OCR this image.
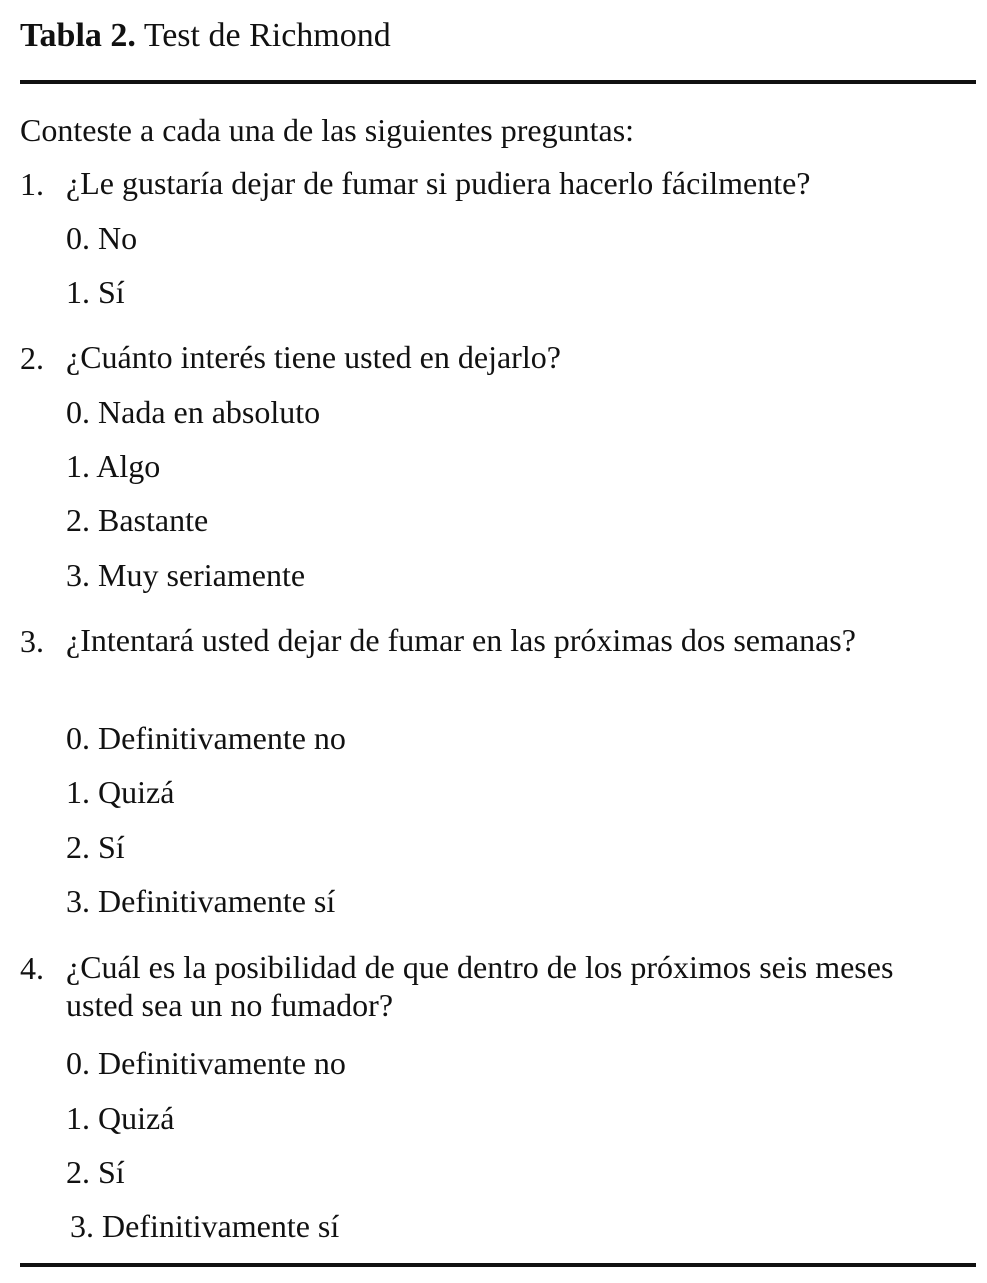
Tabla 2. Test de Richmond
Conteste a cada una de las siguientes preguntas:
1. ¿Le gustaría dejar de fumar si pudiera hacerlo fácilmente?
0. No
1. Sí
2. ¿Cuánto interés tiene usted en dejarlo?
0. Nada en absoluto
1. Algo
2. Bastante
3. Muy seriamente
3. ¿Intentará usted dejar de fumar en las próximas dos semanas?
0. Definitivamente no
1. Quizá
2. Sí
3. Definitivamente sí
4. ¿Cuál es la posibilidad de que dentro de los próximos seis meses usted sea un no fumador?
0. Definitivamente no
1. Quizá
2. Sí
3. Definitivamente sí
